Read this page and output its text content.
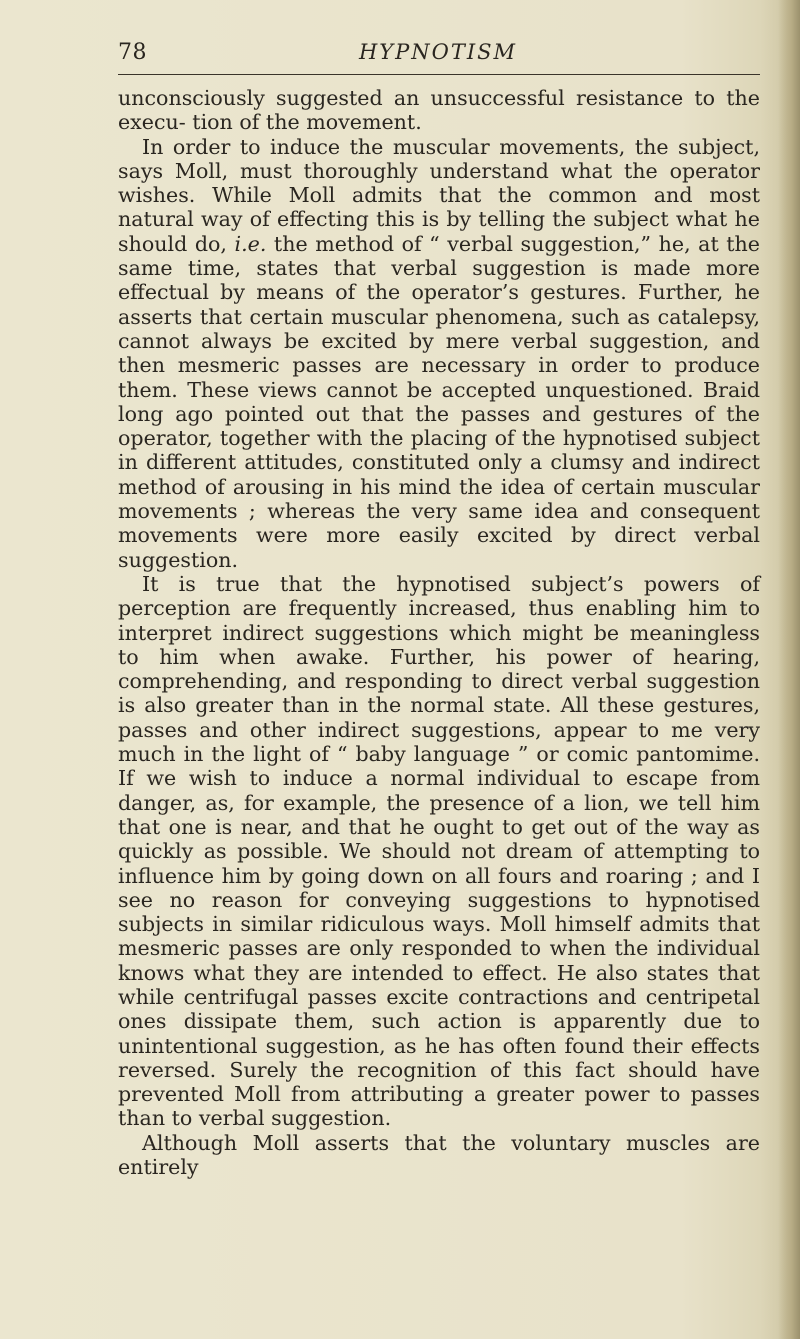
78	HYPNOTISM

unconsciously suggested an unsuccessful resistance to the execu- tion of the movement.

In order to induce the muscular movements, the subject, says Moll, must thoroughly understand what the operator wishes. While Moll admits that the common and most natural way of effecting this is by telling the subject what he should do, i.e. the method of “ verbal suggestion,” he, at the same time, states that verbal suggestion is made more effectual by means of the operator’s gestures. Further, he asserts that certain muscular phenomena, such as catalepsy, cannot always be excited by mere verbal suggestion, and then mesmeric passes are necessary in order to produce them. These views cannot be accepted unquestioned. Braid long ago pointed out that the passes and gestures of the operator, together with the placing of the hypnotised subject in different attitudes, constituted only a clumsy and indirect method of arousing in his mind the idea of certain muscular movements ; whereas the very same idea and consequent movements were more easily excited by direct verbal suggestion.

It is true that the hypnotised subject’s powers of perception are frequently increased, thus enabling him to interpret indirect suggestions which might be meaningless to him when awake. Further, his power of hearing, comprehending, and responding to direct verbal suggestion is also greater than in the normal state. All these gestures, passes and other indirect suggestions, appear to me very much in the light of “ baby language ” or comic pantomime. If we wish to induce a normal individual to escape from danger, as, for example, the presence of a lion, we tell him that one is near, and that he ought to get out of the way as quickly as possible. We should not dream of attempting to influence him by going down on all fours and roaring ; and I see no reason for conveying suggestions to hypnotised subjects in similar ridiculous ways. Moll himself admits that mesmeric passes are only responded to when the individual knows what they are intended to effect. He also states that while centrifugal passes excite contractions and centripetal ones dissipate them, such action is apparently due to unintentional suggestion, as he has often found their effects reversed. Surely the recognition of this fact should have prevented Moll from attributing a greater power to passes than to verbal suggestion.

Although Moll asserts that the voluntary muscles are entirely
